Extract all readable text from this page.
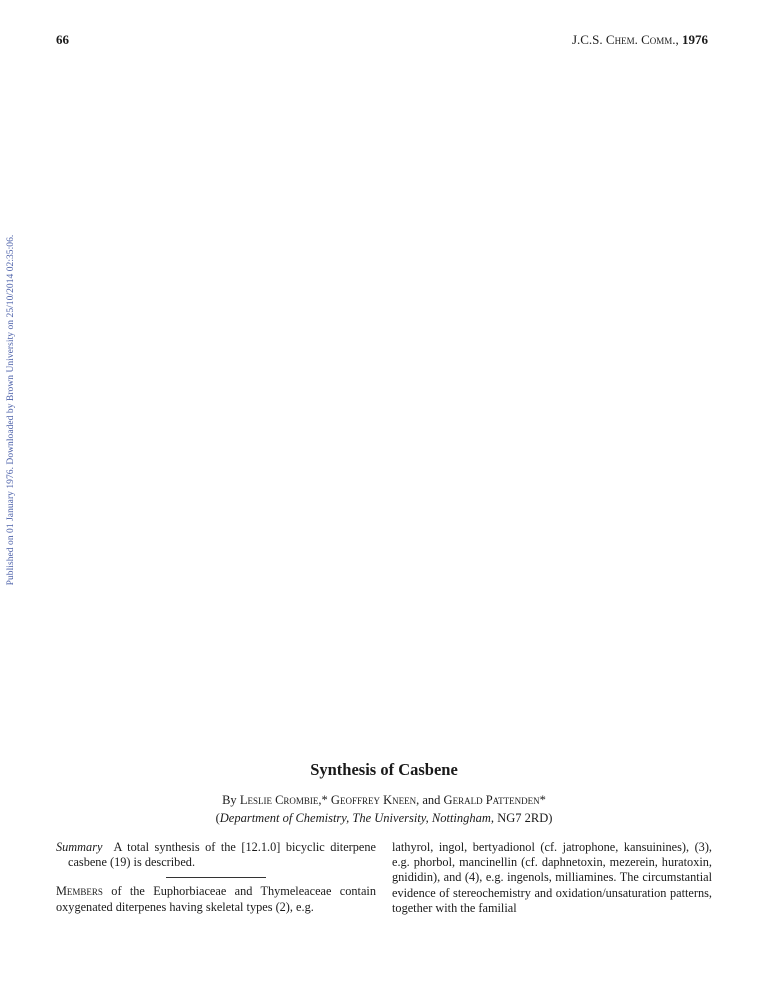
66	J.C.S. Chem. Comm., 1976
Published on 01 January 1976. Downloaded by Brown University on 25/10/2014 02:35:06.
Synthesis of Casbene
By Leslie Crombie,* Geoffrey Kneen, and Gerald Pattenden*
(Department of Chemistry, The University, Nottingham, NG7 2RD)

Summary A total synthesis of the [12.1.0] bicyclic diterpene casbene (19) is described.

Members of the Euphorbiaceae and Thymeleaceae contain oxygenated diterpenes having skeletal types (2), e.g.

lathyrol, ingol, bertyadionol (cf. jatrophone, kansuinines), (3), e.g. phorbol, mancinellin (cf. daphnetoxin, mezerein, huratoxin, gnididin), and (4), e.g. ingenols, milliamines. The circumstantial evidence of stereochemistry and oxidation/unsaturation patterns, together with the familial
